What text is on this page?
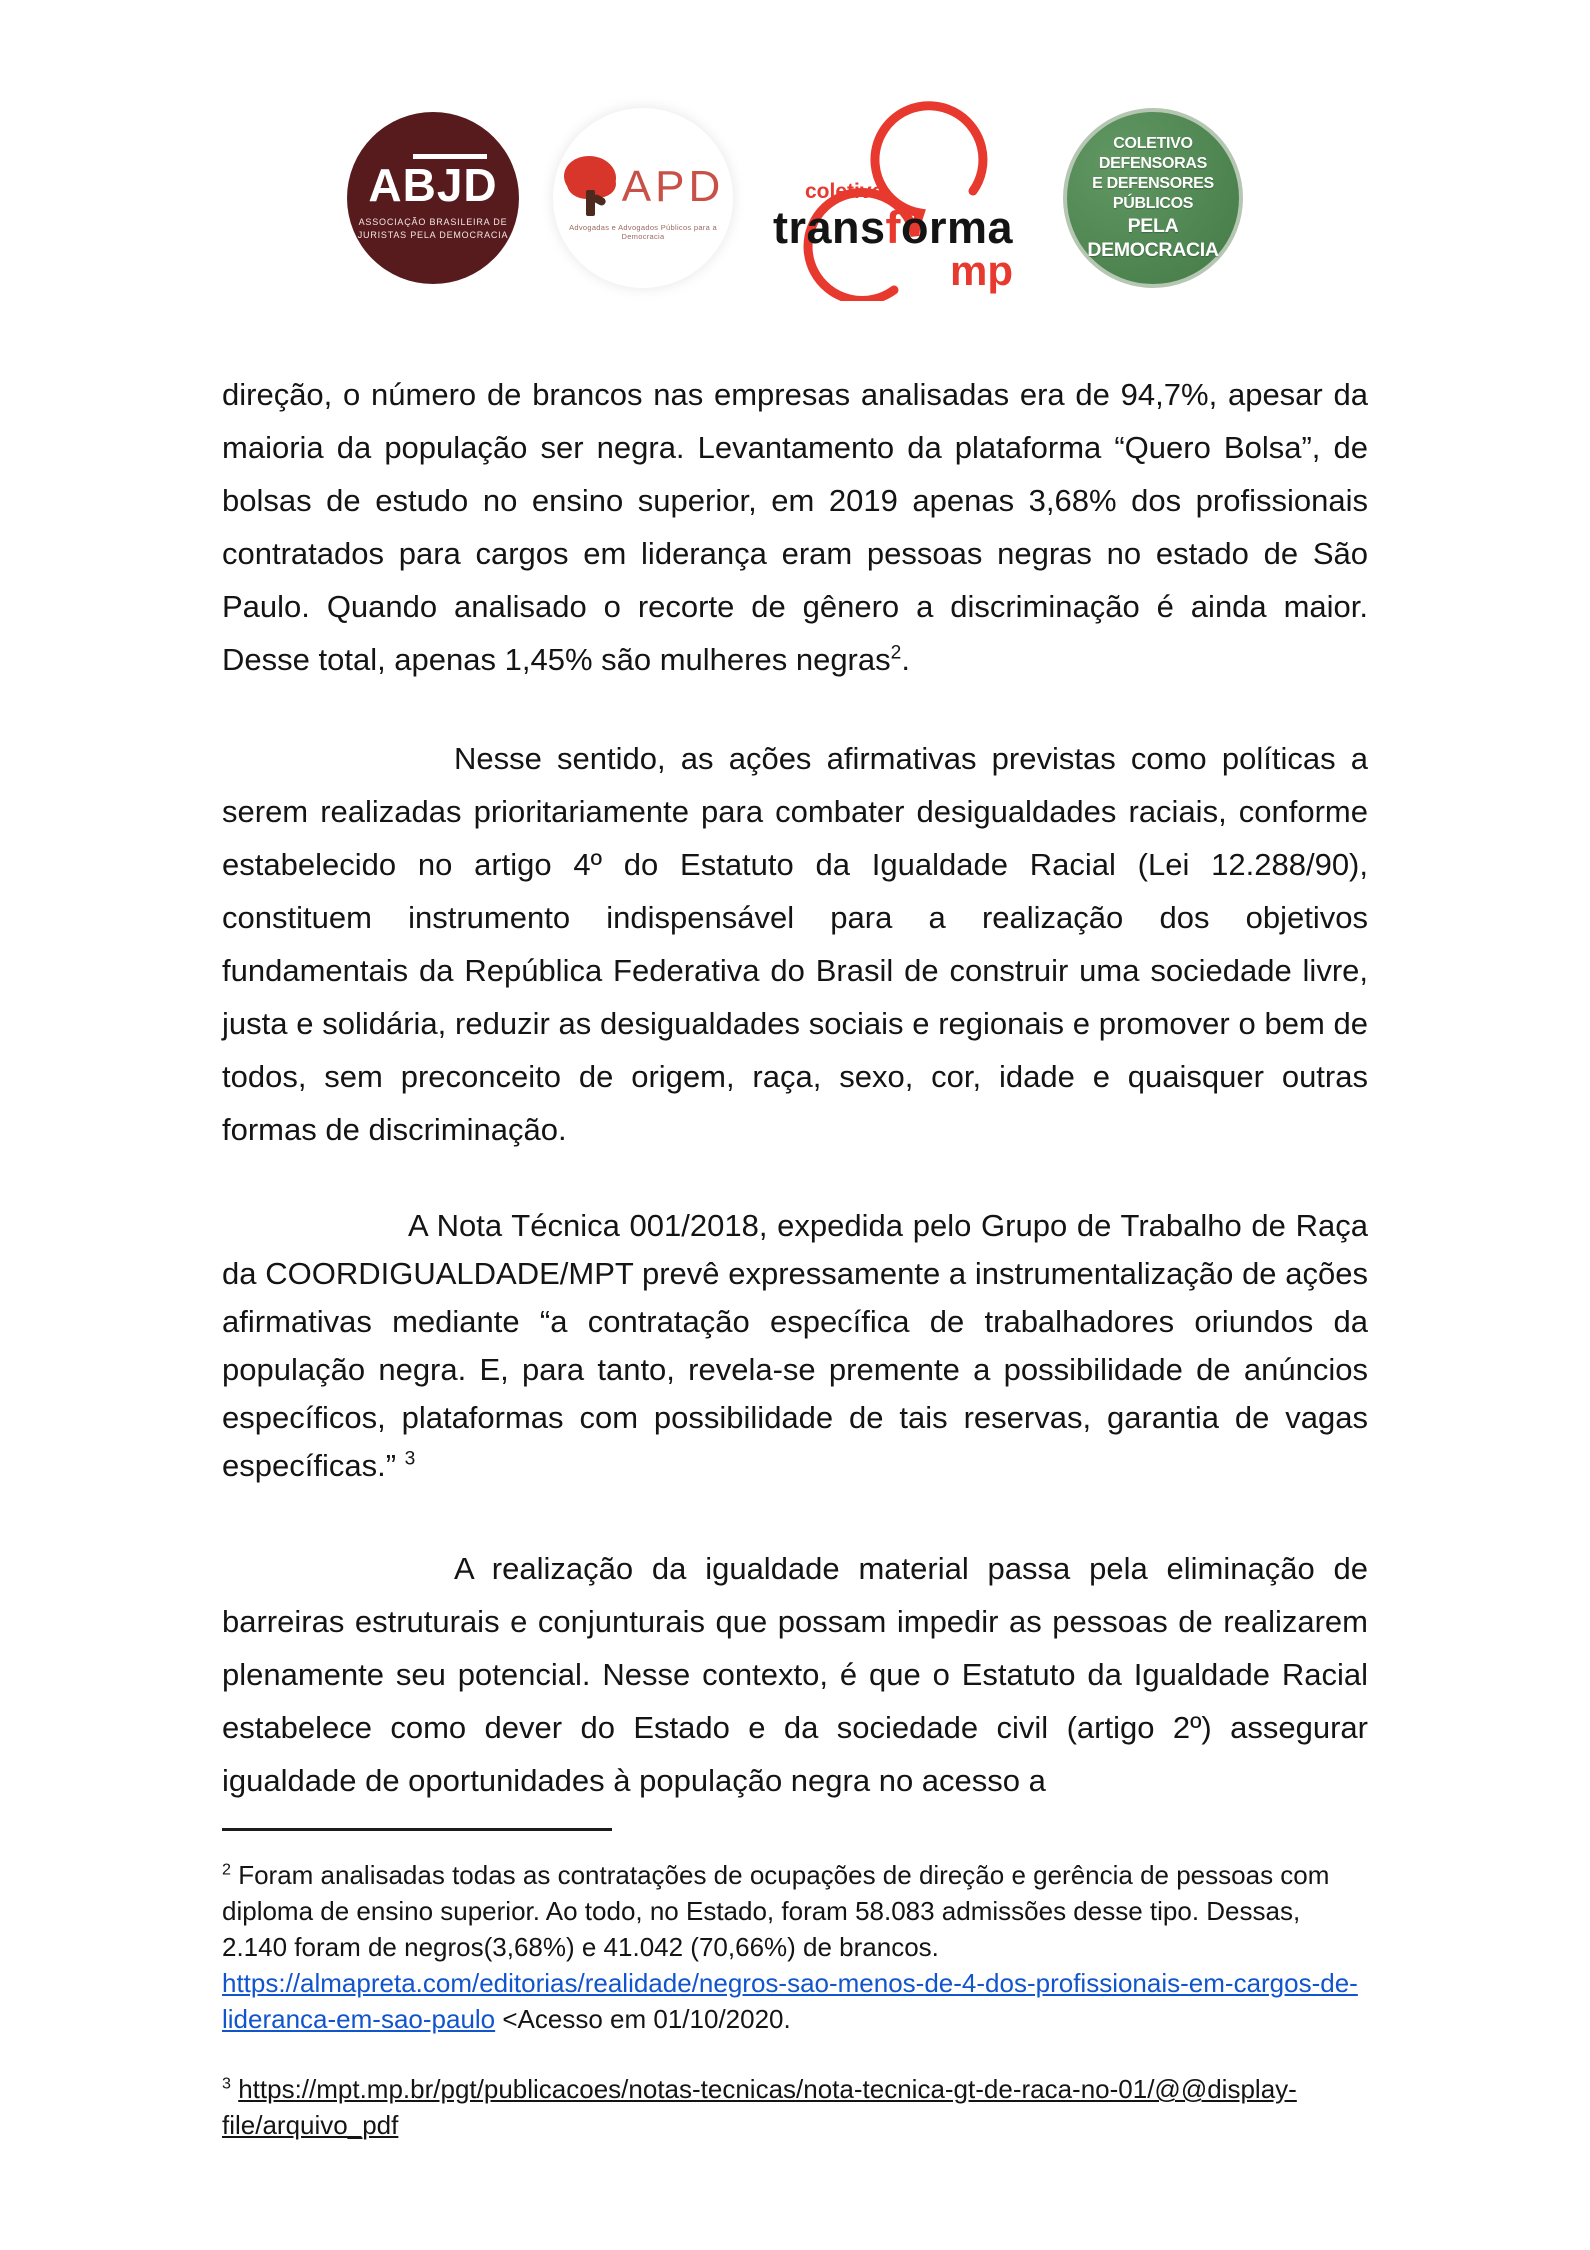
ABJD
ASSOCIAÇÃO BRASILEIRA DE
JURISTAS PELA DEMOCRACIA
APD
Advogadas e Advogados Públicos para a Democracia
coletivo
transforma
mp
COLETIVO DEFENSORAS
E DEFENSORES PÚBLICOS
PELA DEMOCRACIA

direção, o número de brancos nas empresas analisadas era de 94,7%, apesar da maioria da população ser negra. Levantamento da plataforma “Quero Bolsa”, de bolsas de estudo no ensino superior, em 2019 apenas 3,68% dos profissionais contratados para cargos em liderança eram pessoas negras no estado de São Paulo. Quando analisado o recorte de gênero a discriminação é ainda maior. Desse total, apenas 1,45% são mulheres negras$^2$.

Nesse sentido, as ações afirmativas previstas como políticas a serem realizadas prioritariamente para combater desigualdades raciais, conforme estabelecido no artigo 4º do Estatuto da Igualdade Racial (Lei 12.288/90), constituem instrumento indispensável para a realização dos objetivos fundamentais da República Federativa do Brasil de construir uma sociedade livre, justa e solidária, reduzir as desigualdades sociais e regionais e promover o bem de todos, sem preconceito de origem, raça, sexo, cor, idade e quaisquer outras formas de discriminação.

A Nota Técnica 001/2018, expedida pelo Grupo de Trabalho de Raça da COORDIGUALDADE/MPT prevê expressamente a instrumentalização de ações afirmativas mediante “a contratação específica de trabalhadores oriundos da população negra. E, para tanto, revela-se premente a possibilidade de anúncios específicos, plataformas com possibilidade de tais reservas, garantia de vagas específicas.” $^3$

A realização da igualdade material passa pela eliminação de barreiras estruturais e conjunturais que possam impedir as pessoas de realizarem plenamente seu potencial. Nesse contexto, é que o Estatuto da Igualdade Racial estabelece como dever do Estado e da sociedade civil (artigo 2º) assegurar igualdade de oportunidades à população negra no acesso a

$^2$ Foram analisadas todas as contratações de ocupações de direção e gerência de pessoas com diploma de ensino superior. Ao todo, no Estado, foram 58.083 admissões desse tipo. Dessas, 2.140 foram de negros(3,68%) e 41.042 (70,66%) de brancos. https://almapreta.com/editorias/realidade/negros-sao-menos-de-4-dos-profissionais-em-cargos-de-lideranca-em-sao-paulo <Acesso em 01/10/2020.

$^3$ https://mpt.mp.br/pgt/publicacoes/notas-tecnicas/nota-tecnica-gt-de-raca-no-01/@@display-file/arquivo_pdf
